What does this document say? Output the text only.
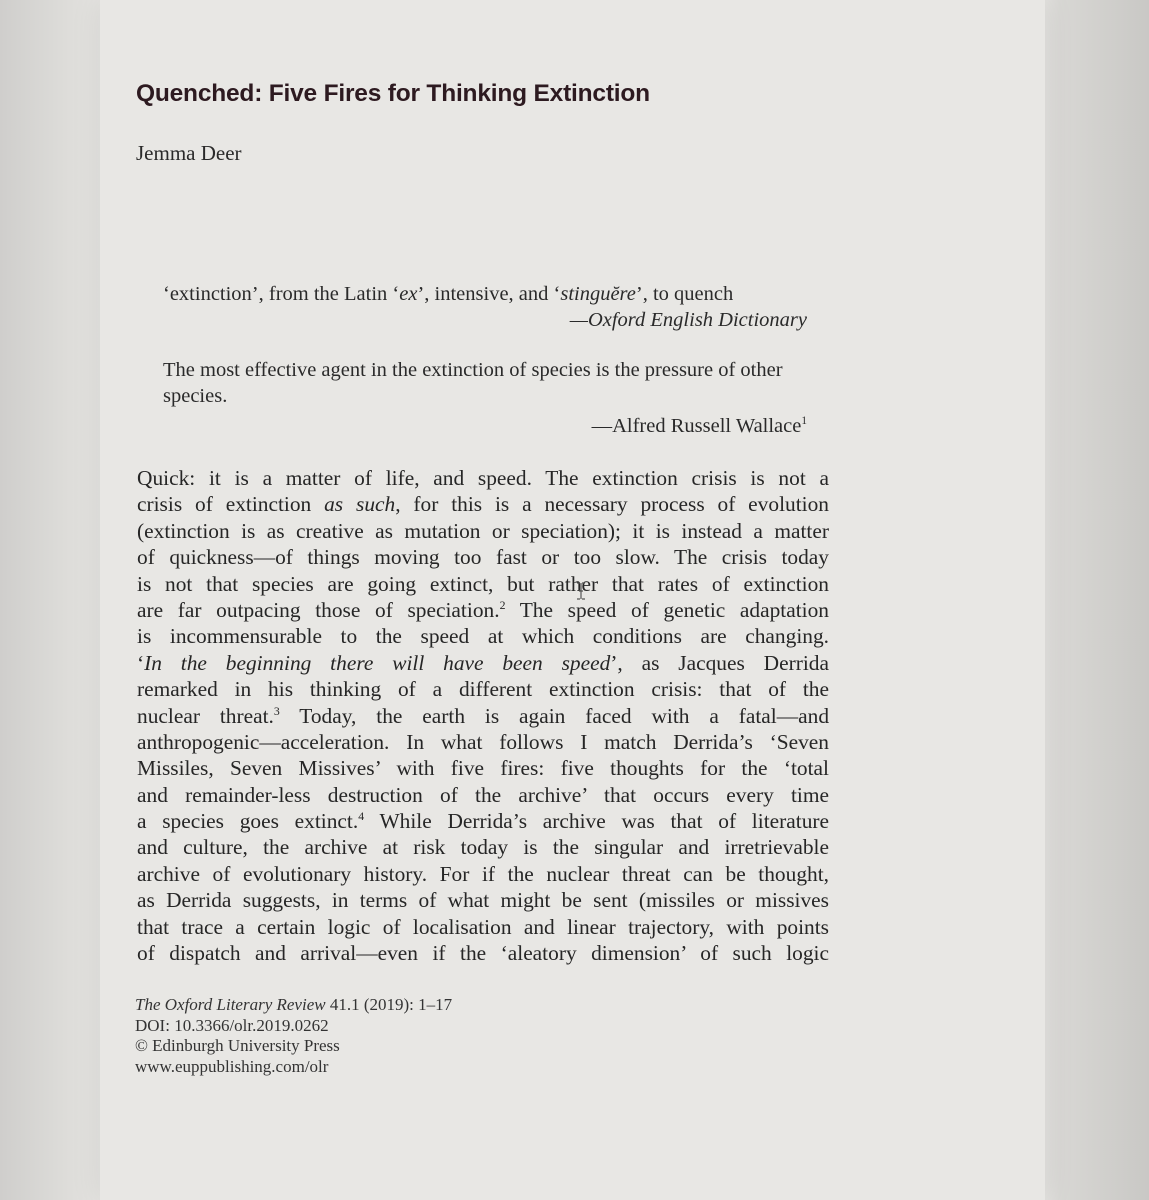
Quenched: Five Fires for Thinking Extinction
Jemma Deer
‘extinction’, from the Latin ‘ex’, intensive, and ‘stinguĕre’, to quench
—Oxford English Dictionary
The most effective agent in the extinction of species is the pressure of other species.
—Alfred Russell Wallace$^1$
Quick: it is a matter of life, and speed. The extinction crisis is not a
crisis of extinction as such, for this is a necessary process of evolution
(extinction is as creative as mutation or speciation); it is instead a matter
of quickness—of things moving too fast or too slow. The crisis today
is not that species are going extinct, but rather that rates of extinction
are far outpacing those of speciation.$^2$ The speed of genetic adaptation
is incommensurable to the speed at which conditions are changing.
‘In the beginning there will have been speed’, as Jacques Derrida
remarked in his thinking of a different extinction crisis: that of the
nuclear threat.$^3$ Today, the earth is again faced with a fatal—and
anthropogenic—acceleration. In what follows I match Derrida’s ‘Seven
Missiles, Seven Missives’ with five fires: five thoughts for the ‘total
and remainder-less destruction of the archive’ that occurs every time
a species goes extinct.$^4$ While Derrida’s archive was that of literature
and culture, the archive at risk today is the singular and irretrievable
archive of evolutionary history. For if the nuclear threat can be thought,
as Derrida suggests, in terms of what might be sent (missiles or missives
that trace a certain logic of localisation and linear trajectory, with points
of dispatch and arrival—even if the ‘aleatory dimension’ of such logic
The Oxford Literary Review 41.1 (2019): 1–17
DOI: 10.3366/olr.2019.0262
© Edinburgh University Press
www.euppublishing.com/olr
